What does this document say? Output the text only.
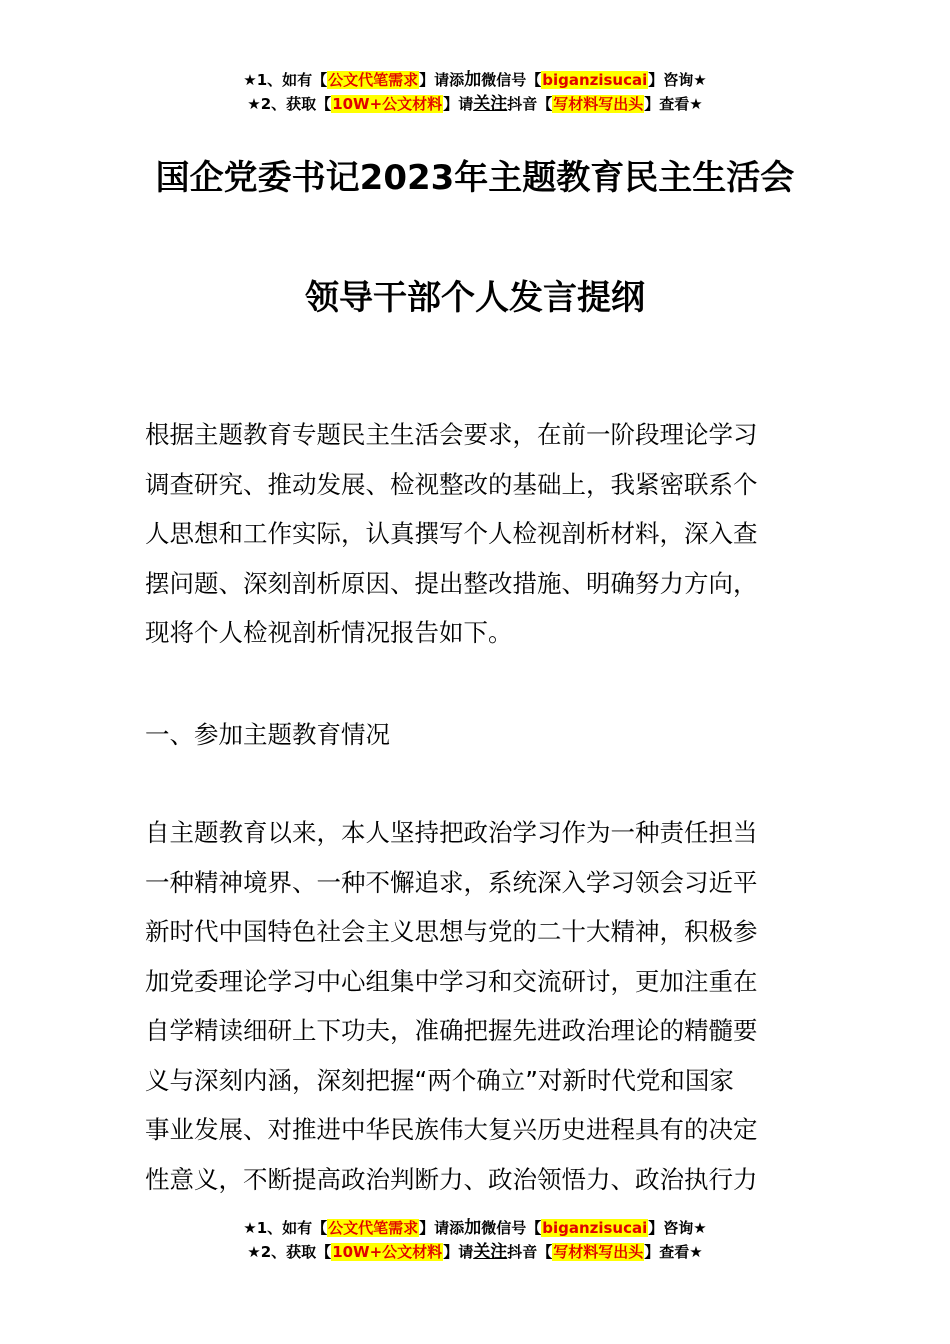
★1、如有【公文代笔需求】请添加微信号【biganzisucai】咨询★
★2、获取【10W+公文材料】请关注抖音【写材料写出头】查看★
国企党委书记2023年主题教育民主生活会
领导干部个人发言提纲
根据主题教育专题民主生活会要求，在前一阶段理论学习
调查研究、推动发展、检视整改的基础上，我紧密联系个
人思想和工作实际，认真撰写个人检视剖析材料，深入查
摆问题、深刻剖析原因、提出整改措施、明确努力方向，
现将个人检视剖析情况报告如下。
一、参加主题教育情况
自主题教育以来，本人坚持把政治学习作为一种责任担当
一种精神境界、一种不懈追求，系统深入学习领会习近平
新时代中国特色社会主义思想与党的二十大精神，积极参
加党委理论学习中心组集中学习和交流研讨，更加注重在
自学精读细研上下功夫，准确把握先进政治理论的精髓要
义与深刻内涵，深刻把握“两个确立”对新时代党和国家
事业发展、对推进中华民族伟大复兴历史进程具有的决定
性意义，不断提高政治判断力、政治领悟力、政治执行力
★1、如有【公文代笔需求】请添加微信号【biganzisucai】咨询★
★2、获取【10W+公文材料】请关注抖音【写材料写出头】查看★
